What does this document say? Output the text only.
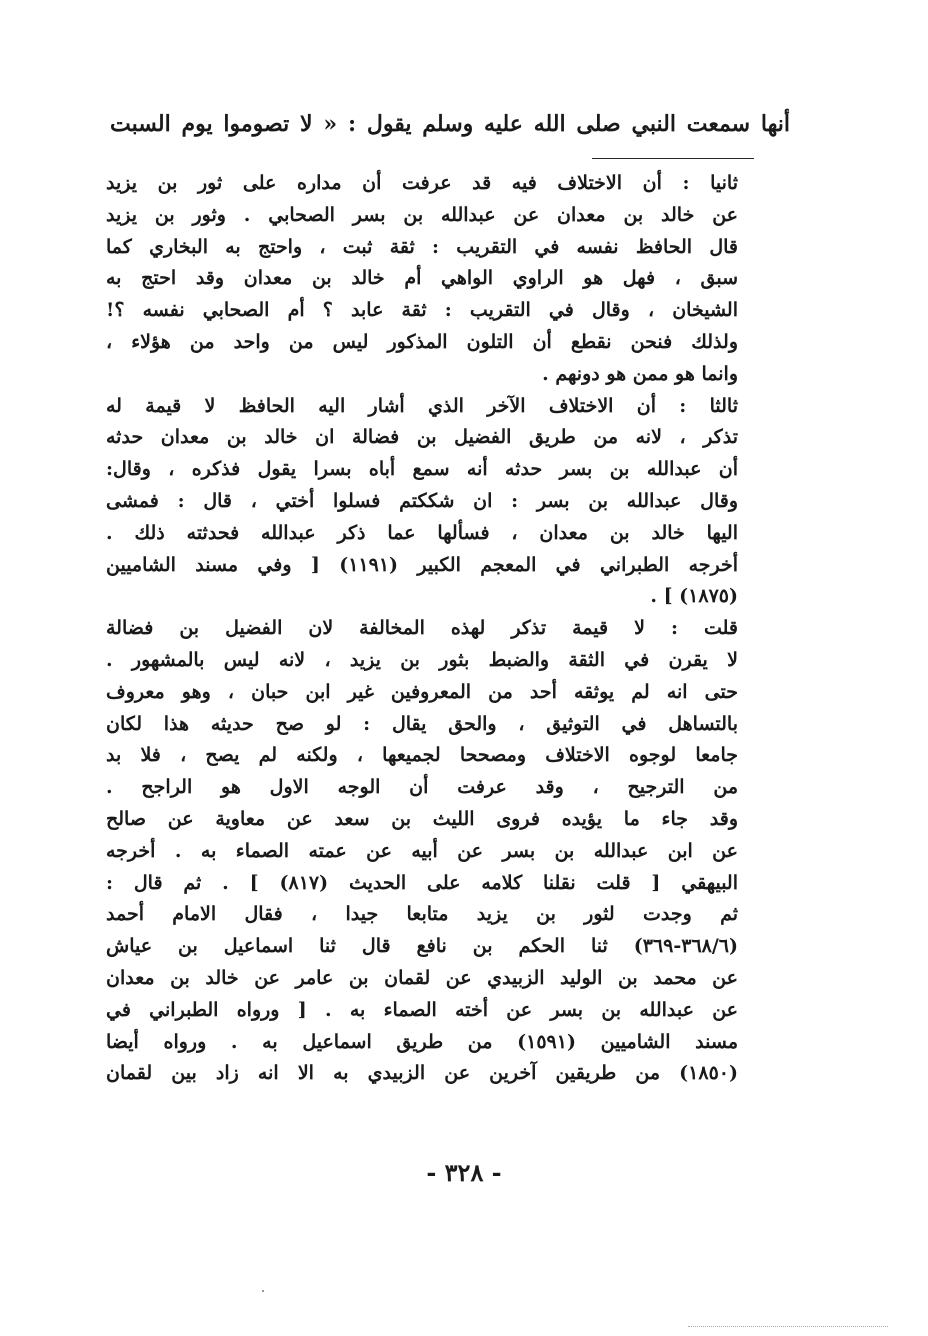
أنها سمعت النبي صلى الله عليه وسلم يقول : « لا تصوموا يوم السبت
ثانيا : أن الاختلاف فيه قد عرفت أن مداره على ثور بن يزيد
عن خالد بن معدان عن عبدالله بن بسر الصحابي . وثور بن يزيد
قال الحافظ نفسه في التقريب : ثقة ثبت ، واحتج به البخاري كما
سبق ، فهل هو الراوي الواهي أم خالد بن معدان وقد احتج به
الشيخان ، وقال في التقريب : ثقة عابد ؟ أم الصحابي نفسه ؟!
ولذلك فنحن نقطع أن التلون المذكور ليس من واحد من هؤلاء ،
وانما هو ممن هو دونهم .
ثالثا : أن الاختلاف الآخر الذي أشار اليه الحافظ لا قيمة له
تذكر ، لانه من طريق الفضيل بن فضالة ان خالد بن معدان حدثه
أن عبدالله بن بسر حدثه أنه سمع أباه بسرا يقول فذكره ، وقال:
وقال عبدالله بن بسر : ان شككتم فسلوا أختي ، قال : فمشى
اليها خالد بن معدان ، فسألها عما ذكر عبدالله فحدثته ذلك .
أخرجه الطبراني في المعجم الكبير (١١٩١) [ وفي مسند الشاميين
(١٨٧٥) ] .
قلت : لا قيمة تذكر لهذه المخالفة لان الفضيل بن فضالة
لا يقرن في الثقة والضبط بثور بن يزيد ، لانه ليس بالمشهور .
حتى انه لم يوثقه أحد من المعروفين غير ابن حبان ، وهو معروف
بالتساهل في التوثيق ، والحق يقال : لو صح حديثه هذا لكان
جامعا لوجوه الاختلاف ومصححا لجميعها ، ولكنه لم يصح ، فلا بد
من الترجيح ، وقد عرفت أن الوجه الاول هو الراجح .
وقد جاء ما يؤيده فروى الليث بن سعد عن معاوية عن صالح
عن ابن عبدالله بن بسر عن أبيه عن عمته الصماء به . أخرجه
البيهقي [ قلت نقلنا كلامه على الحديث (٨١٧) ] . ثم قال :
ثم وجدت لثور بن يزيد متابعا جيدا ، فقال الامام أحمد
(٣٦٨/٦-٣٦٩) ثنا الحكم بن نافع قال ثنا اسماعيل بن عياش
عن محمد بن الوليد الزبيدي عن لقمان بن عامر عن خالد بن معدان
عن عبدالله بن بسر عن أخته الصماء به . [ ورواه الطبراني في
مسند الشاميين (١٥٩١) من طريق اسماعيل به . ورواه أيضا
(١٨٥٠) من طريقين آخرين عن الزبيدي به الا انه زاد بين لقمان
- ٣٢٨ -
